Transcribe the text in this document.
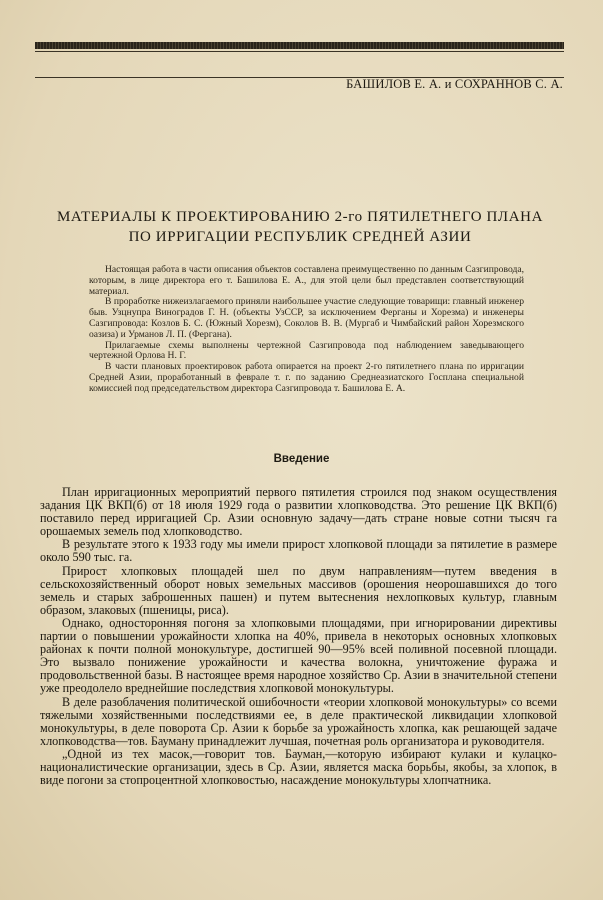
БАШИЛОВ Е. А. и СОХРАННОВ С. А.
МАТЕРИАЛЫ К ПРОЕКТИРОВАНИЮ 2-го ПЯТИЛЕТНЕГО ПЛАНА
ПО ИРРИГАЦИИ РЕСПУБЛИК СРЕДНЕЙ АЗИИ

Настоящая работа в части описания объектов составлена преимущественно по данным Сазгипровода, которым, в лице директора его т. Башилова Е. А., для этой цели был представлен соответствующий материал.

В проработке нижеизлагаемого приняли наибольшее участие следующие товарищи: главный инженер быв. Узцнупра Виноградов Г. Н. (объекты УзССР, за исключением Ферганы и Хорезма) и инженеры Сазгипровода: Козлов Б. С. (Южный Хорезм), Соколов В. В. (Мургаб и Чимбайский район Хорезмского оазиза) и Урманов Л. П. (Фергана).

Прилагаемые схемы выполнены чертежной Сазгипровода под наблюдением заведывающего чертежной Орлова Н. Г.

В части плановых проектировок работа опирается на проект 2-го пятилетнего плана по ирригации Средней Азии, проработанный в феврале т. г. по заданию Среднеазиатского Госплана специальной комиссией под председательством директора Сазгипровода т. Башилова Е. А.

Введение

План ирригационных мероприятий первого пятилетия строился под знаком осуществления задания ЦК ВКП(б) от 18 июля 1929 года о развитии хлопководства. Это решение ЦК ВКП(б) поставило перед ирригацией Ср. Азии основную задачу—дать стране новые сотни тысяч га орошаемых земель под хлопководство.

В результате этого к 1933 году мы имели прирост хлопковой площади за пятилетие в размере около 590 тыс. га.

Прирост хлопковых площадей шел по двум направлениям—путем введения в сельскохозяйственный оборот новых земельных массивов (орошения неорошавшихся до того земель и старых заброшенных пашен) и путем вытеснения нехлопковых культур, главным образом, злаковых (пшеницы, риса).

Однако, односторонняя погоня за хлопковыми площадями, при игнорировании директивы партии о повышении урожайности хлопка на 40%, привела в некоторых основных хлопковых районах к почти полной монокультуре, достигшей 90—95% всей поливной посевной площади. Это вызвало понижение урожайности и качества волокна, уничтожение фуража и продовольственной базы. В настоящее время народное хозяйство Ср. Азии в значительной степени уже преодолело вреднейшие последствия хлопковой монокультуры.

В деле разоблачения политической ошибочности «теории хлопковой монокультуры» со всеми тяжелыми хозяйственными последствиями ее, в деле практической ликвидации хлопковой монокультуры, в деле поворота Ср. Азии к борьбе за урожайность хлопка, как решающей задаче хлопководства—тов. Бауману принадлежит лучшая, почетная роль организатора и руководителя.

„Одной из тех масок,—говорит тов. Бауман,—которую избирают кулаки и кулацко-националистические организации, здесь в Ср. Азии, является маска борьбы, якобы, за хлопок, в виде погони за стопроцентной хлопковостью, насаждение монокультуры хлопчатника.
